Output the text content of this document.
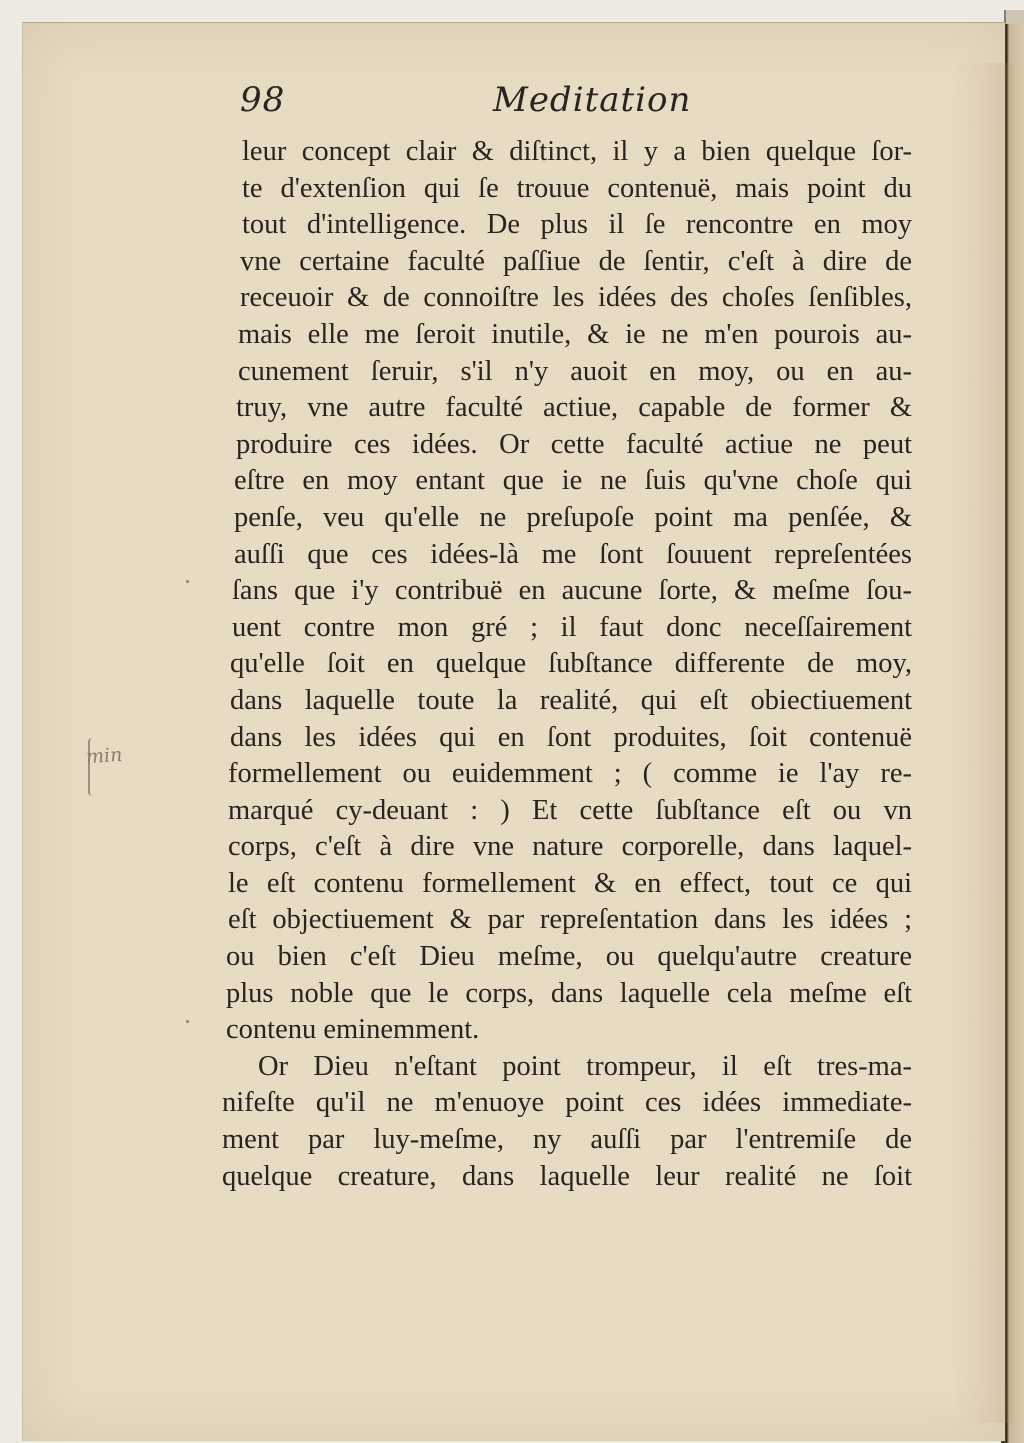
98	Meditation
min
leur concept clair & diſtinct, il y a bien quelque ſor-
te d'extenſion qui ſe trouue contenuë, mais point du
tout d'intelligence. De plus il ſe rencontre en moy
vne certaine faculté paſſiue de ſentir, c'eſt à dire de
receuoir & de connoiſtre les idées des choſes ſenſibles,
mais elle me ſeroit inutile, & ie ne m'en pourois au-
cunement ſeruir, s'il n'y auoit en moy, ou en au-
truy, vne autre faculté actiue, capable de former &
produire ces idées. Or cette faculté actiue ne peut
eſtre en moy entant que ie ne ſuis qu'vne choſe qui
penſe, veu qu'elle ne preſupoſe point ma penſée, &
auſſi que ces idées-là me ſont ſouuent repreſentées
ſans que i'y contribuë en aucune ſorte, & meſme ſou-
uent contre mon gré ; il faut donc neceſſairement
qu'elle ſoit en quelque ſubſtance differente de moy,
dans laquelle toute la realité, qui eſt obiectiuement
dans les idées qui en ſont produites, ſoit contenuë
formellement ou euidemment ; ( comme ie l'ay re-
marqué cy-deuant : ) Et cette ſubſtance eſt ou vn
corps, c'eſt à dire vne nature corporelle, dans laquel-
le eſt contenu formellement & en effect, tout ce qui
eſt objectiuement & par repreſentation dans les idées ;
ou bien c'eſt Dieu meſme, ou quelqu'autre creature
plus noble que le corps, dans laquelle cela meſme eſt
contenu eminemment.
Or Dieu n'eſtant point trompeur, il eſt tres-ma-
nifeſte qu'il ne m'enuoye point ces idées immediate-
ment par luy-meſme, ny auſſi par l'entremiſe de
quelque creature, dans laquelle leur realité ne ſoit
